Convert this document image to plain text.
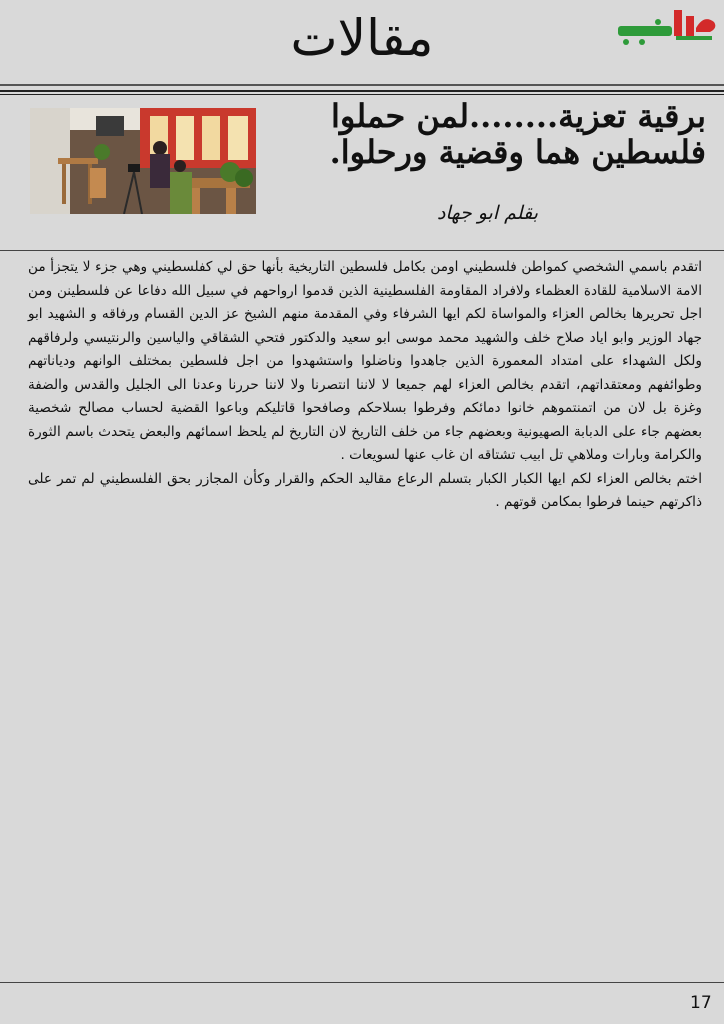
مقالات
برقية تعزية........لمن حملوا فلسطين هما وقضية ورحلوا.
بقلم ابو جهاد

اتقدم باسمي الشخصي كمواطن فلسطيني اومن بكامل فلسطين التاريخية بأنها حق لي كفلسطيني وهي جزء لا يتجزأ من الامة الاسلامية للقادة العظماء ولافراد المقاومة الفلسطينية الذين قدموا ارواحهم في سبيل الله دفاعا عن فلسطينن ومن اجل تحريرها بخالص العزاء والمواساة لكم ايها الشرفاء وفي المقدمة منهم الشيخ عز الدين القسام ورفاقه و الشهيد ابو جهاد الوزير وابو اياد صلاح خلف والشهيد محمد موسى ابو سعيد والدكتور فتحي الشقاقي والياسين والرنتيسي ولرفاقهم ولكل الشهداء على امتداد المعمورة الذين جاهدوا وناضلوا واستشهدوا من اجل فلسطين بمختلف الوانهم ودياناتهم وطوائفهم ومعتقداتهم، اتقدم بخالص العزاء لهم جميعا لا لاننا انتصرنا ولا لاننا حررنا وعدنا الى الجليل والقدس والضفة وغزة بل لان من اتمنتموهم خانوا دمائكم وفرطوا بسلاحكم وصافحوا قاتليكم وباعوا القضية لحساب مصالح شخصية بعضهم جاء على الدبابة الصهيونية وبعضهم جاء من خلف التاريخ لان التاريخ لم يلحظ اسمائهم والبعض يتحدث باسم الثورة والكرامة وبارات وملاهي تل ابيب تشتاقه ان غاب عنها لسويعات .

اختم بخالص العزاء لكم ايها الكبار الكبار بتسلم الرعاع مقاليد الحكم والقرار وكأن المجازر بحق الفلسطيني لم تمر على ذاكرتهم حينما فرطوا بمكامن قوتهم .

17
